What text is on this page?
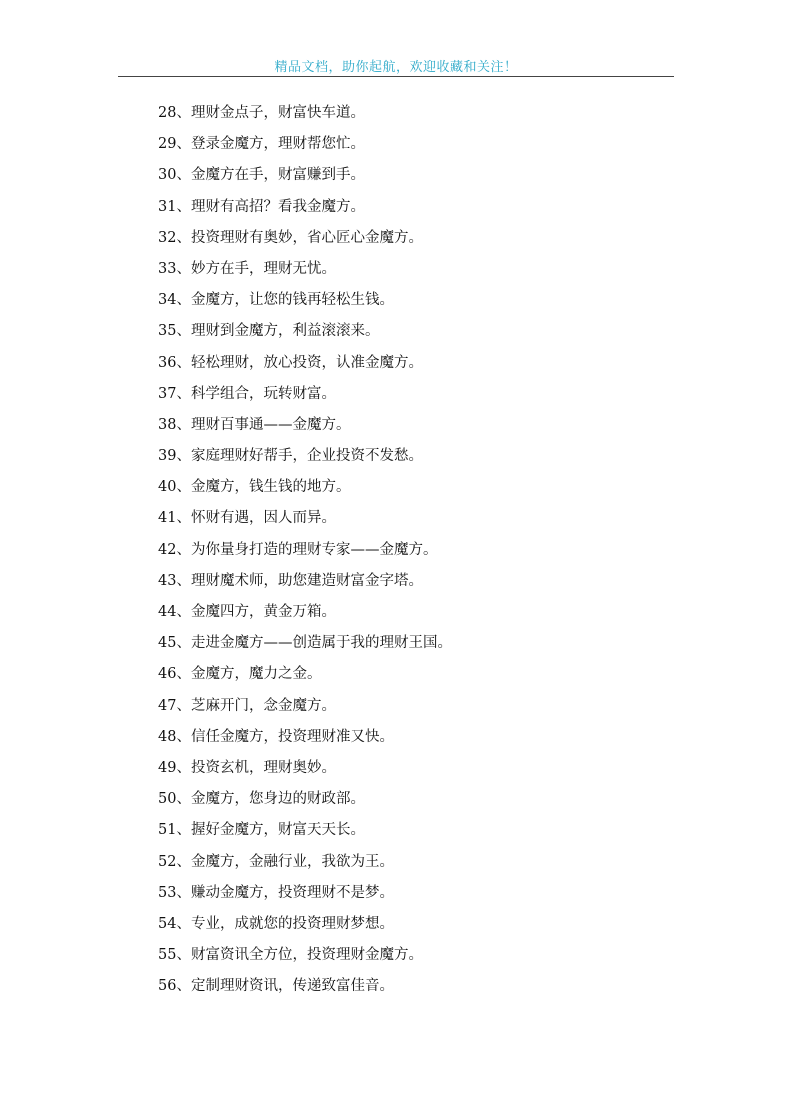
精品文档，助你起航，欢迎收藏和关注！
28、理财金点子，财富快车道。
29、登录金魔方，理财帮您忙。
30、金魔方在手，财富赚到手。
31、理财有高招？看我金魔方。
32、投资理财有奥妙，省心匠心金魔方。
33、妙方在手，理财无忧。
34、金魔方，让您的钱再轻松生钱。
35、理财到金魔方，利益滚滚来。
36、轻松理财，放心投资，认准金魔方。
37、科学组合，玩转财富。
38、理财百事通——金魔方。
39、家庭理财好帮手，企业投资不发愁。
40、金魔方，钱生钱的地方。
41、怀财有遇，因人而异。
42、为你量身打造的理财专家——金魔方。
43、理财魔术师，助您建造财富金字塔。
44、金魔四方，黄金万箱。
45、走进金魔方——创造属于我的理财王国。
46、金魔方，魔力之金。
47、芝麻开门，念金魔方。
48、信任金魔方，投资理财准又快。
49、投资玄机，理财奥妙。
50、金魔方，您身边的财政部。
51、握好金魔方，财富天天长。
52、金魔方，金融行业，我欲为王。
53、赚动金魔方，投资理财不是梦。
54、专业，成就您的投资理财梦想。
55、财富资讯全方位，投资理财金魔方。
56、定制理财资讯，传递致富佳音。
